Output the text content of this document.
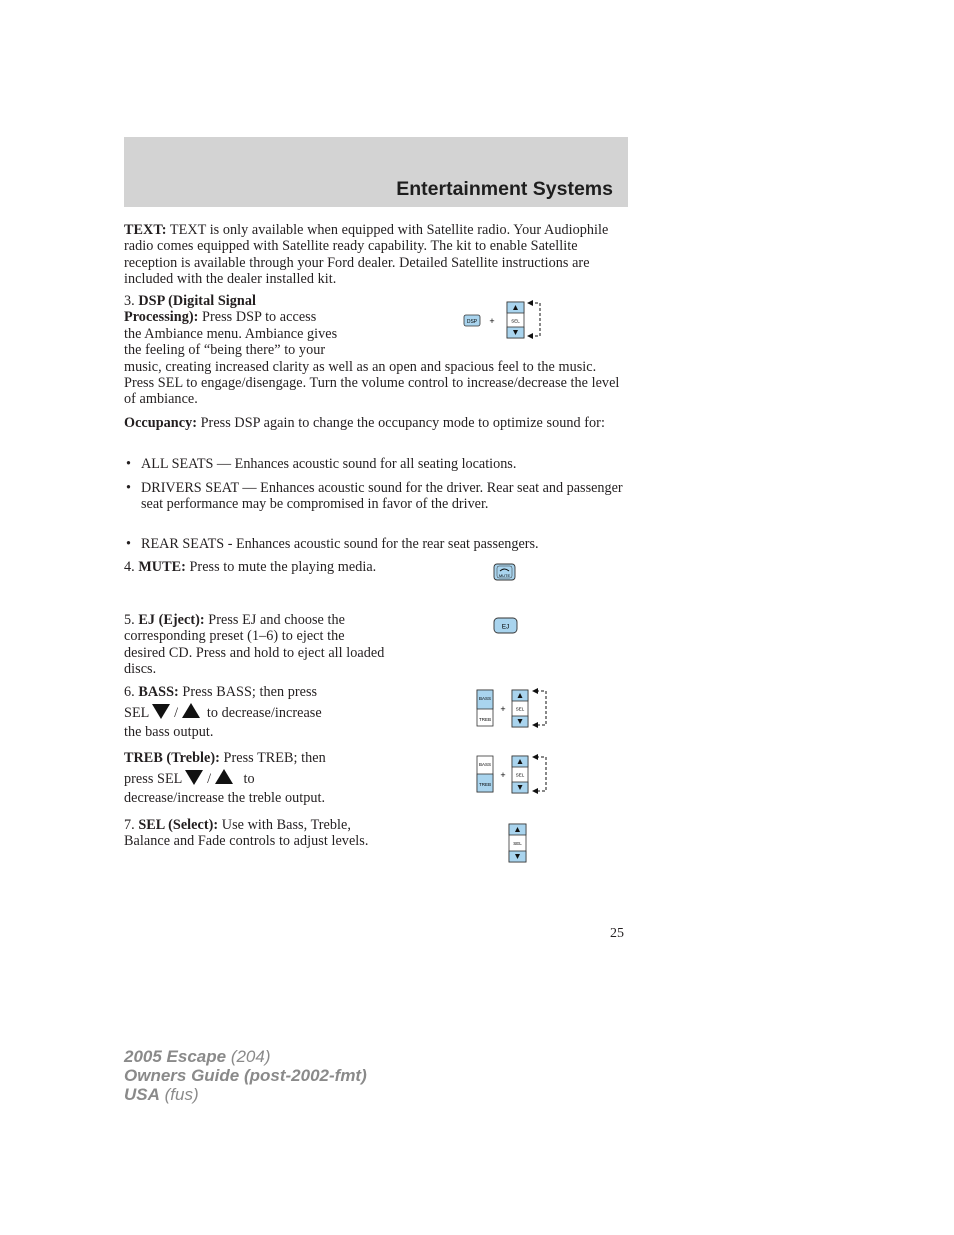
Entertainment Systems
TEXT: TEXT is only available when equipped with Satellite radio. Your Audiophile radio comes equipped with Satellite ready capability. The kit to enable Satellite reception is available through your Ford dealer. Detailed Satellite instructions are included with the dealer installed kit.
3. DSP (Digital Signal
Processing): Press DSP to access
the Ambiance menu. Ambiance gives
the feeling of “being there” to your
music, creating increased clarity as well as an open and spacious feel to the music. Press SEL to engage/disengage. Turn the volume control to increase/decrease the level of ambiance.
DSP +	SEL
Occupancy: Press DSP again to change the occupancy mode to optimize sound for:
• ALL SEATS — Enhances acoustic sound for all seating locations.
• DRIVERS SEAT — Enhances acoustic sound for the driver. Rear seat and passenger seat performance may be compromised in favor of the driver.
• REAR SEATS - Enhances acoustic sound for the rear seat passengers.
4. MUTE: Press to mute the playing media.
MUTE
5. EJ (Eject): Press EJ and choose the corresponding preset (1–6) to eject the desired CD. Press and hold to eject all loaded discs.
EJ
6. BASS: Press BASS; then press
SEL / to decrease/increase
the bass output.
BASS
TREB
+ SEL
TREB (Treble): Press TREB; then
press SEL / to
decrease/increase the treble output.
BASS
TREB
+ SEL
7. SEL (Select): Use with Bass, Treble, Balance and Fade controls to adjust levels.	SEL
25
2005 Escape (204)
Owners Guide (post-2002-fmt)
USA (fus)
